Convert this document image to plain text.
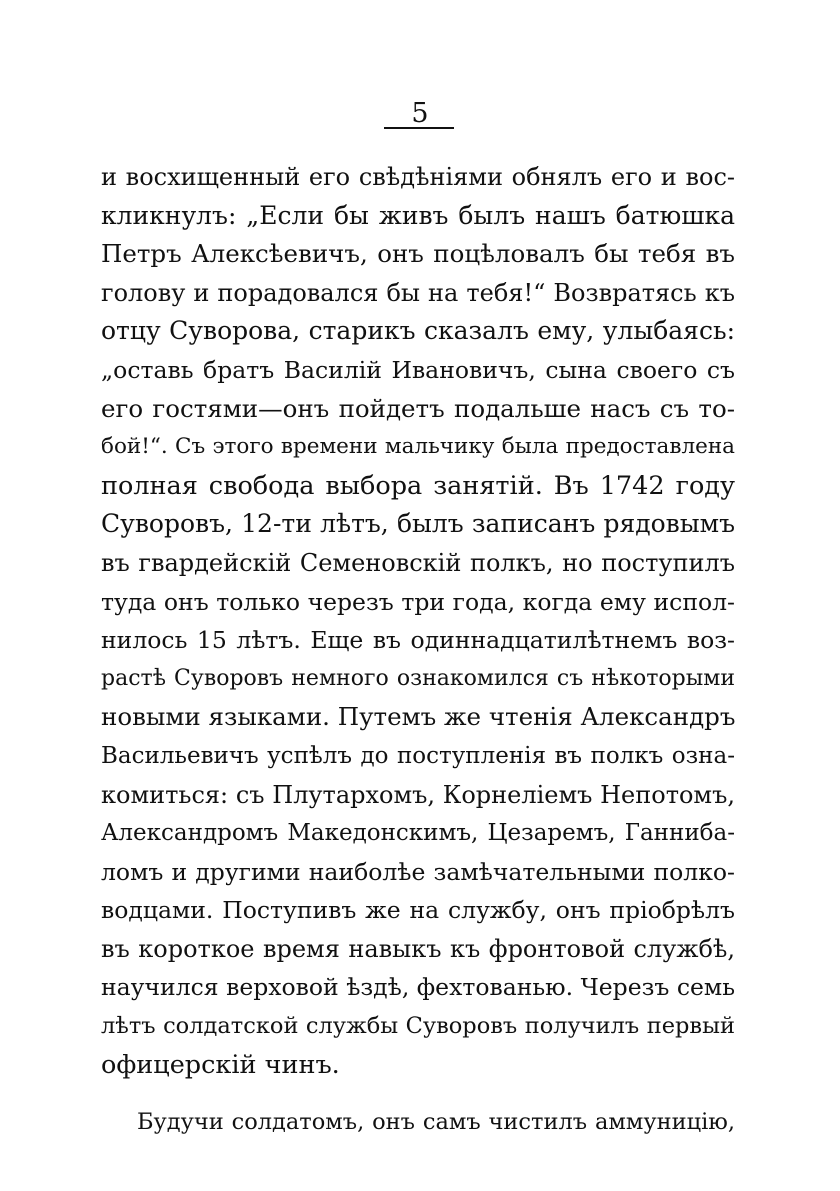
5
и восхищенный его свѣдѣніями обнялъ его и вос-
кликнулъ: „Если бы живъ былъ нашъ батюшка
Петръ Алексѣевичъ, онъ поцѣловалъ бы тебя въ
голову и порадовался бы на тебя!“ Возвратясь къ
отцу Суворова, старикъ сказалъ ему, улыбаясь:
„оставь братъ Василій Ивановичъ, сына своего съ
его гостями—онъ пойдетъ подальше насъ съ то-
бой!“. Съ этого времени мальчику была предоставлена
полная свобода выбора занятій. Въ 1742 году
Суворовъ, 12-ти лѣтъ, былъ записанъ рядовымъ
въ гвардейскій Семеновскій полкъ, но поступилъ
туда онъ только черезъ три года, когда ему испол-
нилось 15 лѣтъ. Еще въ одиннадцатилѣтнемъ воз-
растѣ Суворовъ немного ознакомился съ нѣкоторыми
новыми языками. Путемъ же чтенія Александръ
Васильевичъ успѣлъ до поступленія въ полкъ озна-
комиться: съ Плутархомъ, Корнеліемъ Непотомъ,
Александромъ Македонскимъ, Цезаремъ, Ганнибa-
ломъ и другими наиболѣе замѣчательными полко-
водцами. Поступивъ же на службу, онъ пріобрѣлъ
въ короткое время навыкъ къ фронтовой службѣ,
научился верховой ѣздѣ, фехтованью. Черезъ семь
лѣтъ солдатской службы Суворовъ получилъ первый
офицерскій чинъ.
Будучи солдатомъ, онъ самъ чистилъ аммуницію,
